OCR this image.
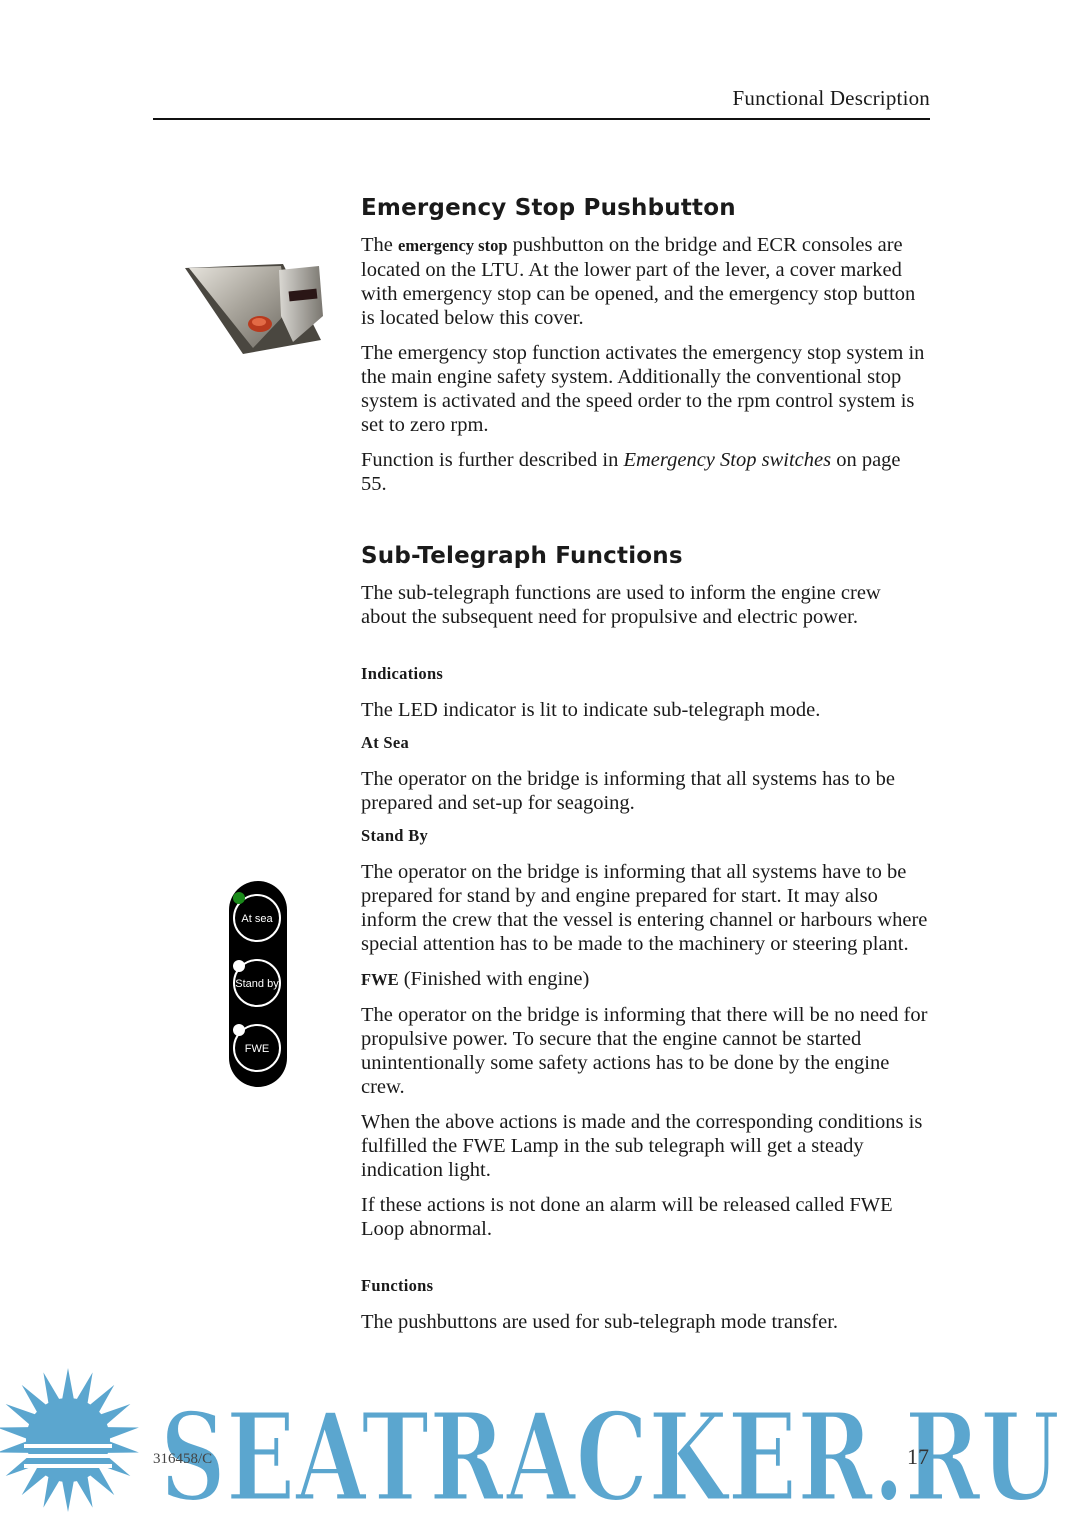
Functional Description
Emergency Stop Pushbutton

The emergency stop pushbutton on the bridge and ECR consoles are located on the LTU. At the lower part of the lever, a cover marked with emergency stop can be opened, and the emergency stop button is located below this cover.

The emergency stop function activates the emergency stop system in the main engine safety system. Additionally the conventional stop system is activated and the speed order to the rpm control system is set to zero rpm.

Function is further described in Emergency Stop switches on page 55.

Sub-Telegraph Functions

The sub-telegraph functions are used to inform the engine crew about the subsequent need for propulsive and electric power.

Indications

The LED indicator is lit to indicate sub-telegraph mode.

At Sea

The operator on the bridge is informing that all systems has to be prepared and set-up for seagoing.

Stand By

The operator on the bridge is informing that all systems have to be prepared for stand by and engine prepared for start. It may also inform the crew that the vessel is entering channel or harbours where special attention has to be made to the machinery or steering plant.

FWE (Finished with engine)

The operator on the bridge is informing that there will be no need for propulsive power. To secure that the engine cannot be started unintentionally some safety actions has to be done by the engine crew.

When the above actions is made and the corresponding conditions is fulfilled the FWE Lamp in the sub telegraph will get a steady indication light.

If these actions is not done an alarm will be released called FWE Loop abnormal.

Functions

The pushbuttons are used for sub-telegraph mode transfer.

At sea
Stand by
FWE
SEATRACKER.RU
316458/C	17
